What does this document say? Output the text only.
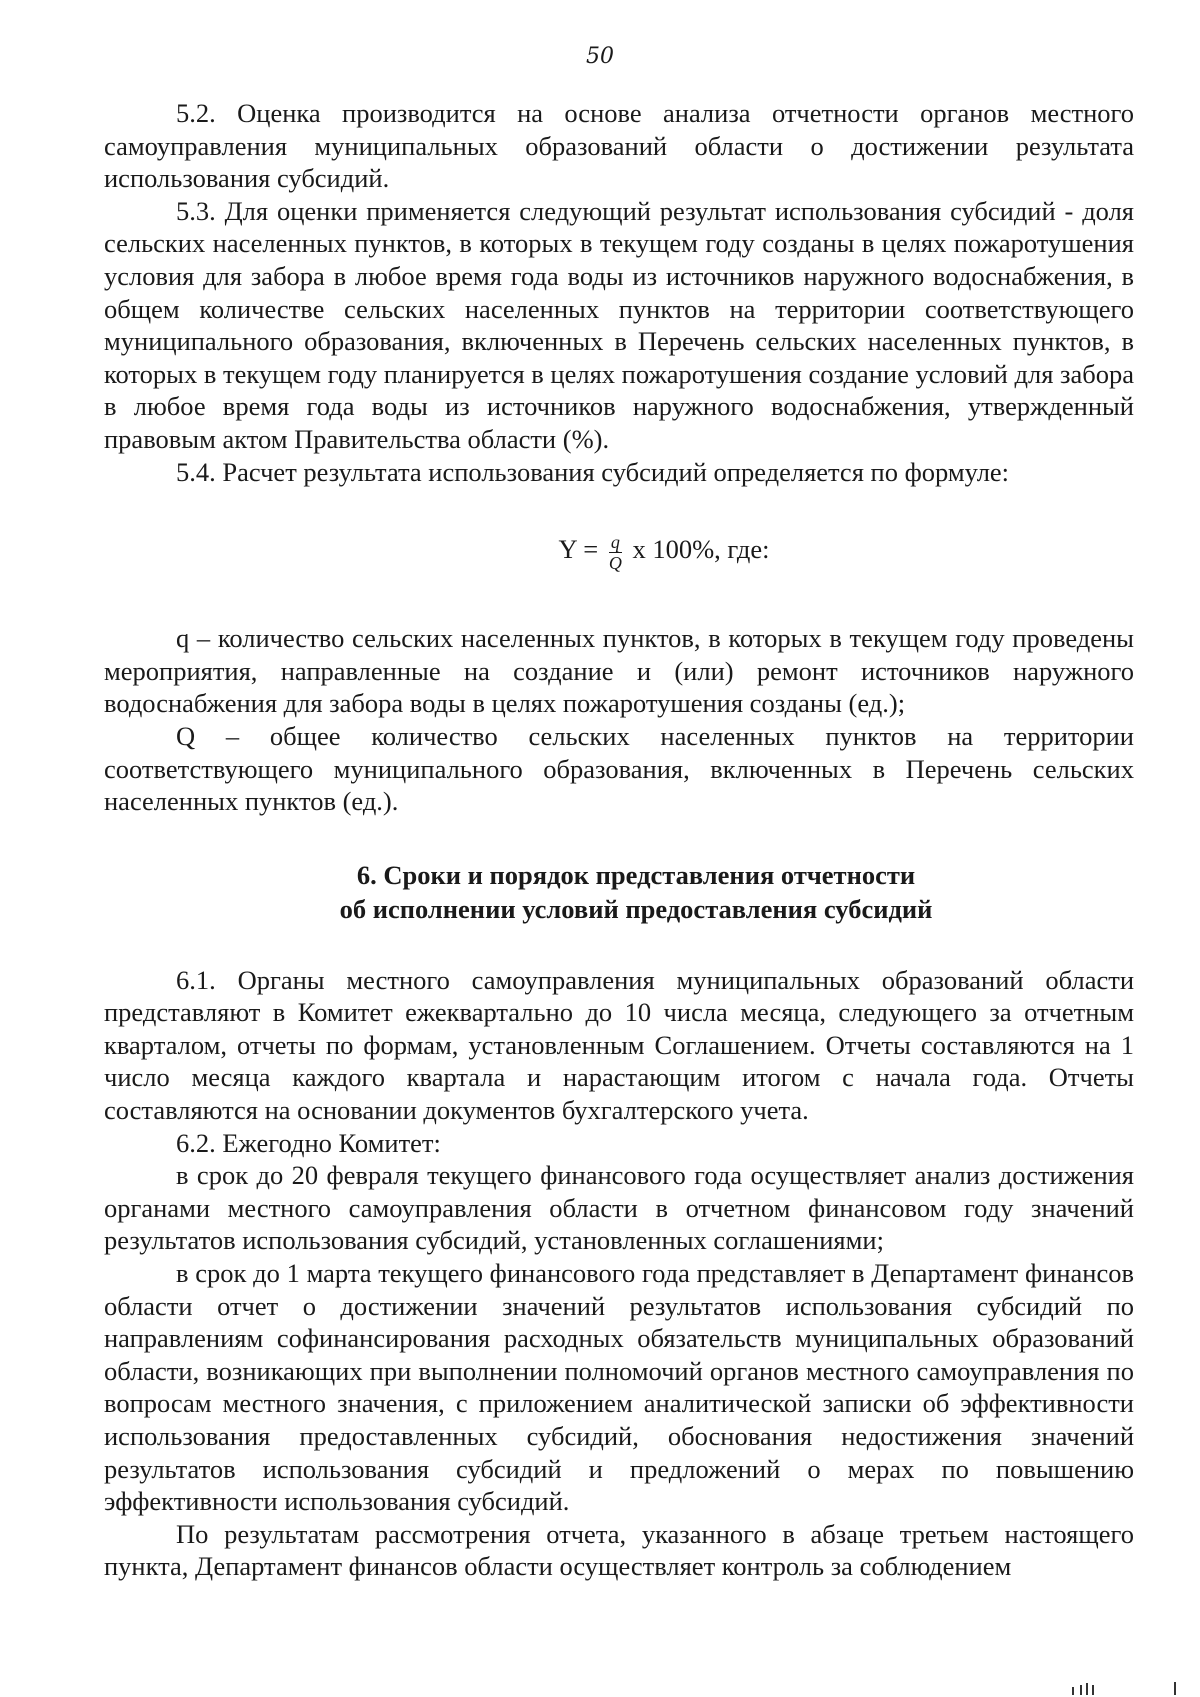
50

5.2. Оценка производится на основе анализа отчетности органов местного самоуправления муниципальных образований области о достижении результата использования субсидий.

5.3. Для оценки применяется следующий результат использования субсидий - доля сельских населенных пунктов, в которых в текущем году созданы в целях пожаротушения условия для забора в любое время года воды из источников наружного водоснабжения, в общем количестве сельских населенных пунктов на территории соответствующего муниципального образования, включенных в Перечень сельских населенных пунктов, в которых в текущем году планируется в целях пожаротушения создание условий для забора в любое время года воды из источников наружного водоснабжения, утвержденный правовым актом Правительства области (%).

5.4. Расчет результата использования субсидий определяется по формуле:

$Y = \frac{q}{Q}$ x 100%, где:

q – количество сельских населенных пунктов, в которых в текущем году проведены мероприятия, направленные на создание и (или) ремонт источников наружного водоснабжения для забора воды в целях пожаротушения созданы (ед.);

Q – общее количество сельских населенных пунктов на территории соответствующего муниципального образования, включенных в Перечень сельских населенных пунктов (ед.).

6. Сроки и порядок представления отчетности
об исполнении условий предоставления субсидий

6.1. Органы местного самоуправления муниципальных образований области представляют в Комитет ежеквартально до 10 числа месяца, следующего за отчетным кварталом, отчеты по формам, установленным Соглашением. Отчеты составляются на 1 число месяца каждого квартала и нарастающим итогом с начала года. Отчеты составляются на основании документов бухгалтерского учета.

6.2. Ежегодно Комитет:

в срок до 20 февраля текущего финансового года осуществляет анализ достижения органами местного самоуправления области в отчетном финансовом году значений результатов использования субсидий, установленных соглашениями;

в срок до 1 марта текущего финансового года представляет в Департамент финансов области отчет о достижении значений результатов использования субсидий по направлениям софинансирования расходных обязательств муниципальных образований области, возникающих при выполнении полномочий органов местного самоуправления по вопросам местного значения, с приложением аналитической записки об эффективности использования предоставленных субсидий, обоснования недостижения значений результатов использования субсидий и предложений о мерах по повышению эффективности использования субсидий.

По результатам рассмотрения отчета, указанного в абзаце третьем настоящего пункта, Департамент финансов области осуществляет контроль за соблюдением
